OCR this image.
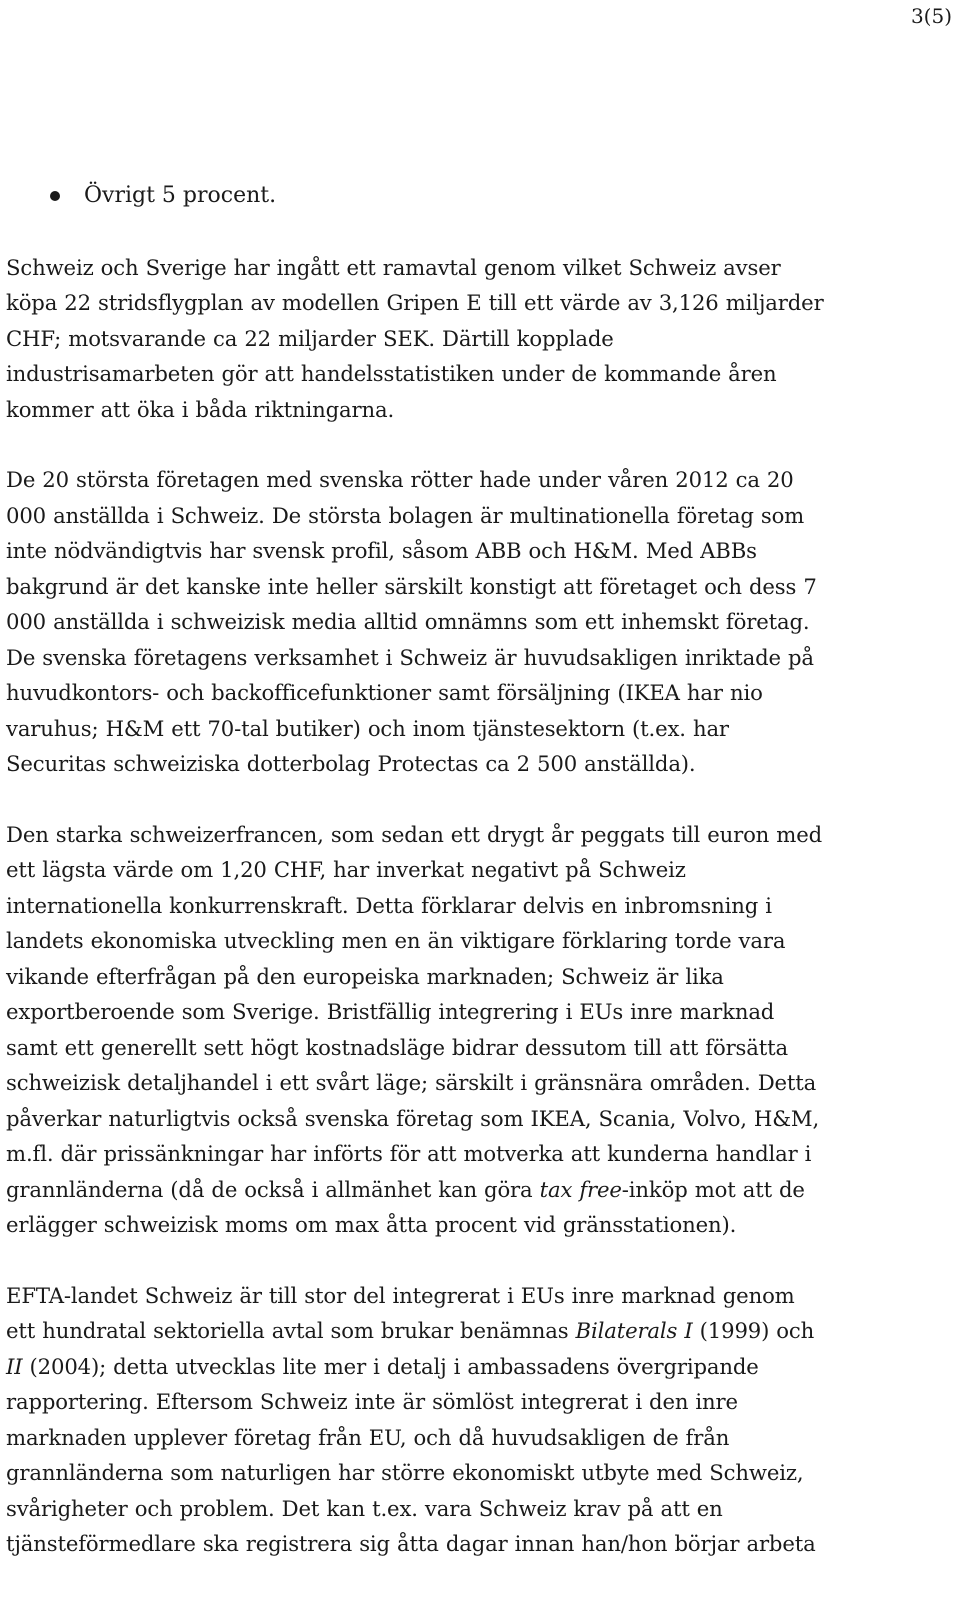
3(5)
Övrigt 5 procent.

Schweiz och Sverige har ingått ett ramavtal genom vilket Schweiz avser köpa 22 stridsflygplan av modellen Gripen E till ett värde av 3,126 miljarder CHF; motsvarande ca 22 miljarder SEK. Därtill kopplade industrisamarbeten gör att handelsstatistiken under de kommande åren kommer att öka i båda riktningarna.

De 20 största företagen med svenska rötter hade under våren 2012 ca 20 000 anställda i Schweiz. De största bolagen är multinationella företag som inte nödvändigtvis har svensk profil, såsom ABB och H&M. Med ABBs bakgrund är det kanske inte heller särskilt konstigt att företaget och dess 7 000 anställda i schweizisk media alltid omnämns som ett inhemskt företag. De svenska företagens verksamhet i Schweiz är huvudsakligen inriktade på huvudkontors- och backofficefunktioner samt försäljning (IKEA har nio varuhus; H&M ett 70-tal butiker) och inom tjänstesektorn (t.ex. har Securitas schweiziska dotterbolag Protectas ca 2 500 anställda).

Den starka schweizerfrancen, som sedan ett drygt år peggats till euron med ett lägsta värde om 1,20 CHF, har inverkat negativt på Schweiz internationella konkurrenskraft. Detta förklarar delvis en inbromsning i landets ekonomiska utveckling men en än viktigare förklaring torde vara vikande efterfrågan på den europeiska marknaden; Schweiz är lika exportberoende som Sverige. Bristfällig integrering i EUs inre marknad samt ett generellt sett högt kostnadsläge bidrar dessutom till att försätta schweizisk detaljhandel i ett svårt läge; särskilt i gränsnära områden. Detta påverkar naturligtvis också svenska företag som IKEA, Scania, Volvo, H&M, m.fl. där prissänkningar har införts för att motverka att kunderna handlar i grannländerna (då de också i allmänhet kan göra tax free-inköp mot att de erlägger schweizisk moms om max åtta procent vid gränsstationen).

EFTA-landet Schweiz är till stor del integrerat i EUs inre marknad genom ett hundratal sektoriella avtal som brukar benämnas Bilaterals I (1999) och II (2004); detta utvecklas lite mer i detalj i ambassadens övergripande rapportering. Eftersom Schweiz inte är sömlöst integrerat i den inre marknaden upplever företag från EU, och då huvudsakligen de från grannländerna som naturligen har större ekonomiskt utbyte med Schweiz, svårigheter och problem. Det kan t.ex. vara Schweiz krav på att en tjänsteförmedlare ska registrera sig åtta dagar innan han/hon börjar arbeta
